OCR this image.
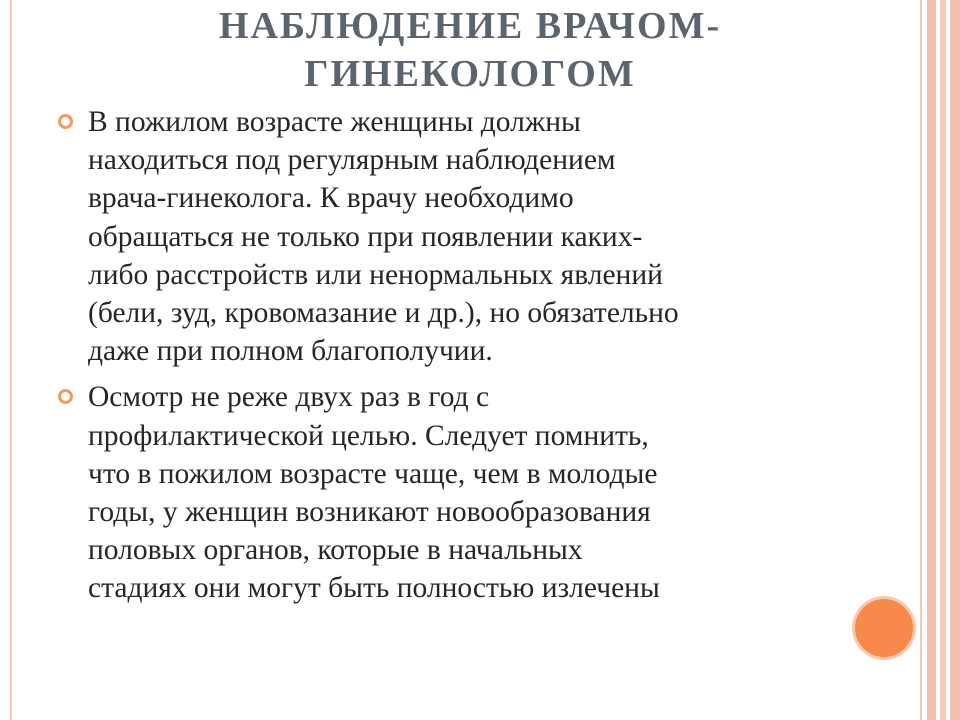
НАБЛЮДЕНИЕ ВРАЧОМ-
ГИНЕКОЛОГОМ
В пожилом возрасте женщины должны
находиться под регулярным наблюдением
врача-гинеколога. К врачу необходимо
обращаться не только при появлении каких-
либо расстройств или ненормальных явлений
(бели, зуд, кровомазание и др.), но обязательно
даже при полном благополучии.
Осмотр не реже двух раз в год с
профилактической целью. Следует помнить,
что в пожилом возрасте чаще, чем в молодые
годы, у женщин возникают новообразования
половых органов, которые в начальных
стадиях они могут быть полностью излечены
